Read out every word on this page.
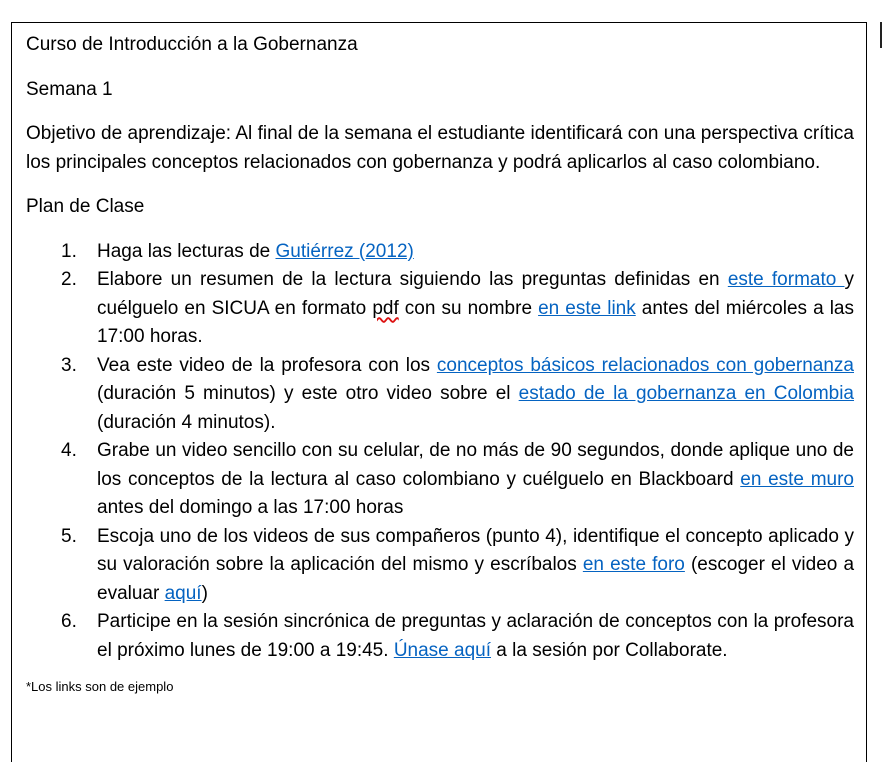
Curso de Introducción a la Gobernanza

Semana 1

Objetivo de aprendizaje: Al final de la semana el estudiante identificará con una perspectiva crítica los principales conceptos relacionados con gobernanza y podrá aplicarlos al caso colombiano.

Plan de Clase

1. Haga las lecturas de Gutiérrez (2012)
2. Elabore un resumen de la lectura siguiendo las preguntas definidas en este formato y cuélguelo en SICUA en formato pdf con su nombre en este link antes del miércoles a las 17:00 horas.
3. Vea este video de la profesora con los conceptos básicos relacionados con gobernanza (duración 5 minutos) y este otro video sobre el estado de la gobernanza en Colombia (duración 4 minutos).
4. Grabe un video sencillo con su celular, de no más de 90 segundos, donde aplique uno de los conceptos de la lectura al caso colombiano y cuélguelo en Blackboard en este muro antes del domingo a las 17:00 horas
5. Escoja uno de los videos de sus compañeros (punto 4), identifique el concepto aplicado y su valoración sobre la aplicación del mismo y escríbalos en este foro (escoger el video a evaluar aquí)
6. Participe en la sesión sincrónica de preguntas y aclaración de conceptos con la profesora el próximo lunes de 19:00 a 19:45. Únase aquí a la sesión por Collaborate.

*Los links son de ejemplo
